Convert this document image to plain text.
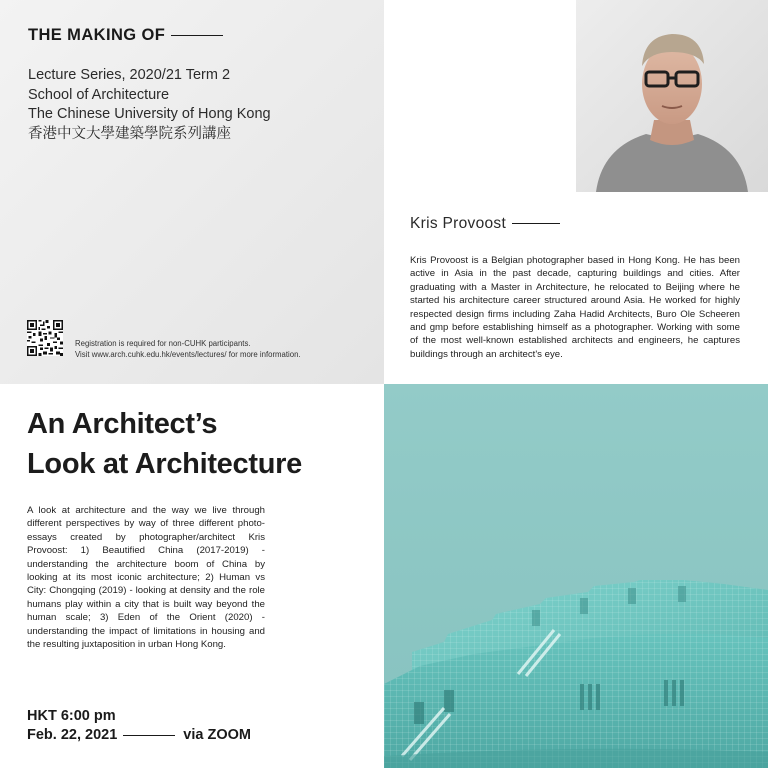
THE MAKING OF
Lecture Series, 2020/21 Term 2
School of Architecture
The Chinese University of Hong Kong
香港中文大學建築學院系列講座
Registration is required for non-CUHK participants.
Visit www.arch.cuhk.edu.hk/events/lectures/ for more information.
Kris Provoost
Kris Provoost is a Belgian photographer based in Hong Kong. He has been active in Asia in the past decade, capturing buildings and cities. After graduating with a Master in Architecture, he relocated to Beijing where he started his architecture career structured around Asia. He worked for highly respected design firms including Zaha Hadid Architects, Buro Ole Scheeren and gmp before establishing himself as a photographer. Working with some of the most well-known established architects and engineers, he captures buildings through an architect's eye.
An Architect’s
Look at Architecture
A look at architecture and the way we live through different perspectives by way of three different photo-essays created by photographer/architect Kris Provoost: 1) Beautified China (2017-2019) - understanding the architecture boom of China by looking at its most iconic architecture; 2) Human vs City: Chongqing (2019) - looking at density and the role humans play within a city that is built way beyond the human scale; 3) Eden of the Orient (2020) - understanding the impact of limitations in housing and the resulting juxtaposition in urban Hong Kong.
HKT 6:00 pm
Feb. 22, 2021	via ZOOM
